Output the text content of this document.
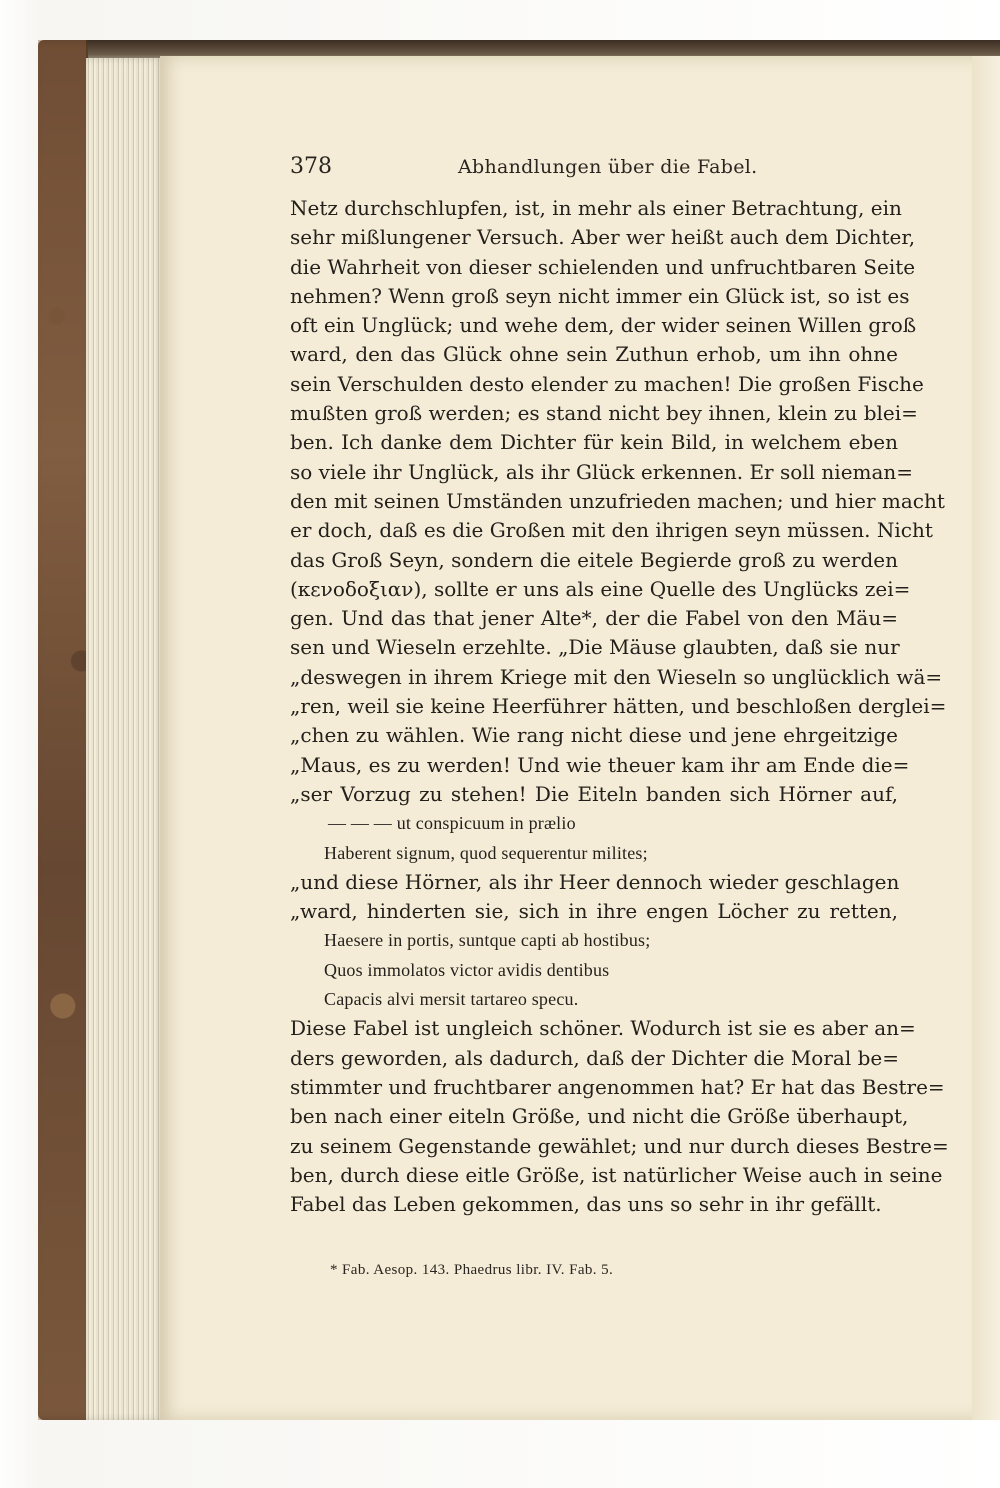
378	Abhandlungen über die Fabel.
Netz durchschlupfen, ist, in mehr als einer Betrachtung, ein
sehr mißlungener Versuch. Aber wer heißt auch dem Dichter,
die Wahrheit von dieser schielenden und unfruchtbaren Seite
nehmen? Wenn groß seyn nicht immer ein Glück ist, so ist es
oft ein Unglück; und wehe dem, der wider seinen Willen groß
ward, den das Glück ohne sein Zuthun erhob, um ihn ohne
sein Verschulden desto elender zu machen! Die großen Fische
mußten groß werden; es stand nicht bey ihnen, klein zu blei=
ben. Ich danke dem Dichter für kein Bild, in welchem eben
so viele ihr Unglück, als ihr Glück erkennen. Er soll nieman=
den mit seinen Umständen unzufrieden machen; und hier macht
er doch, daß es die Großen mit den ihrigen seyn müssen. Nicht
das Groß Seyn, sondern die eitele Begierde groß zu werden
(κενοδοξιαν), sollte er uns als eine Quelle des Unglücks zei=
gen. Und das that jener Alte*, der die Fabel von den Mäu=
sen und Wieseln erzehlte. „Die Mäuse glaubten, daß sie nur
„deswegen in ihrem Kriege mit den Wieseln so unglücklich wä=
„ren, weil sie keine Heerführer hätten, und beschloßen derglei=
„chen zu wählen. Wie rang nicht diese und jene ehrgeitzige
„Maus, es zu werden! Und wie theuer kam ihr am Ende die=
„ser Vorzug zu stehen! Die Eiteln banden sich Hörner auf,
— — — ut conspicuum in prælio
Haberent signum, quod sequerentur milites;
„und diese Hörner, als ihr Heer dennoch wieder geschlagen
„ward, hinderten sie, sich in ihre engen Löcher zu retten,
Haesere in portis, suntque capti ab hostibus;
Quos immolatos victor avidis dentibus
Capacis alvi mersit tartareo specu.
Diese Fabel ist ungleich schöner. Wodurch ist sie es aber an=
ders geworden, als dadurch, daß der Dichter die Moral be=
stimmter und fruchtbarer angenommen hat? Er hat das Bestre=
ben nach einer eiteln Größe, und nicht die Größe überhaupt,
zu seinem Gegenstande gewählet; und nur durch dieses Bestre=
ben, durch diese eitle Größe, ist natürlicher Weise auch in seine
Fabel das Leben gekommen, das uns so sehr in ihr gefällt.
* Fab. Aesop. 143. Phaedrus libr. IV. Fab. 5.
